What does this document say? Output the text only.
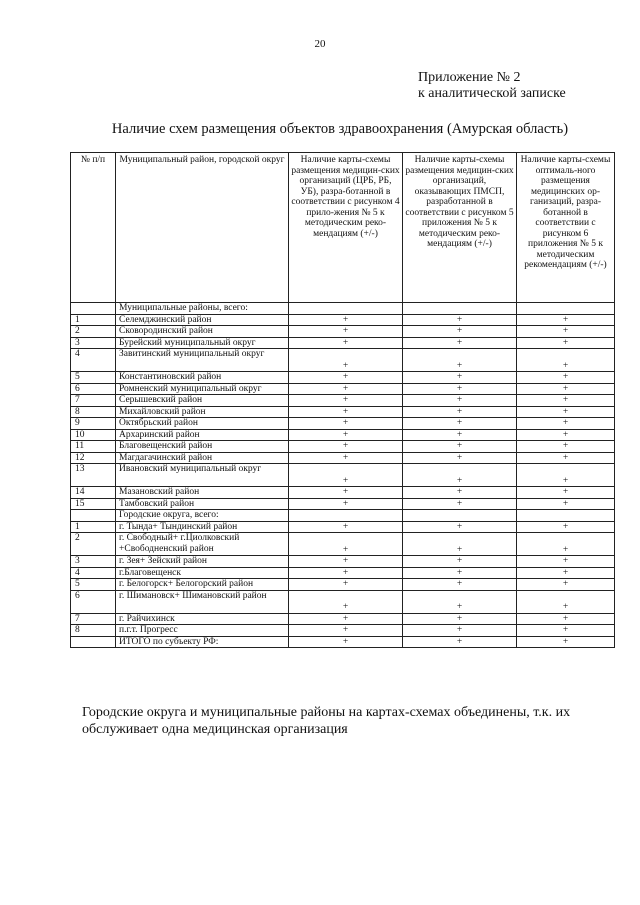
20
Приложение № 2
к аналитической записке
Наличие схем размещения объектов здравоохранения (Амурская область)
№ п/п	Муниципальный район, городской округ	Наличие карты-схемы размещения медицин-ских организаций (ЦРБ, РБ, УБ), разра-ботанной в соответствии с рисунком 4 прило-жения № 5 к методическим реко-мендациям (+/-)	Наличие карты-схемы размещения медицин-ских организаций, оказывающих ПМСП, разработанной в соответствии с рисунком 5 приложения № 5 к методическим реко-мендациям (+/-)	Наличие карты-схемы оптималь-ного размещения медицинских ор-ганизаций, разра-ботанной в соответствии с рисунком 6 приложения № 5 к методическим рекомендациям (+/-)
	Муниципальные районы, всего:			
1	Селемджинский район	+	+	+
2	Сковородинский район	+	+	+
3	Бурейский муниципальный округ	+	+	+
4	Завитинский муниципальный округ	+	+	+
5	Константиновский район	+	+	+
6	Ромненский муниципальный округ	+	+	+
7	Серышевский район	+	+	+
8	Михайловский район	+	+	+
9	Октябрьский район	+	+	+
10	Архаринский район	+	+	+
11	Благовещенский район	+	+	+
12	Магдагачинский район	+	+	+
13	Ивановский муниципальный округ	+	+	+
14	Мазановский район	+	+	+
15	Тамбовский район	+	+	+
	Городские округа, всего:			
1	г. Тында+ Тындинский район	+	+	+
2	г. Свободный+ г.Циолковский +Свободненский район	+	+	+
3	г. Зея+ Зейский район	+	+	+
4	г.Благовещенск	+	+	+
5	г. Белогорск+ Белогорский район	+	+	+
6	г. Шимановск+ Шимановский район	+	+	+
7	г. Райчихинск	+	+	+
8	п.г.т. Прогресс	+	+	+
	ИТОГО по субъекту РФ:	+	+	+
Городские округа и муниципальные районы на картах-схемах объединены, т.к. их обслуживает одна медицинская организация
